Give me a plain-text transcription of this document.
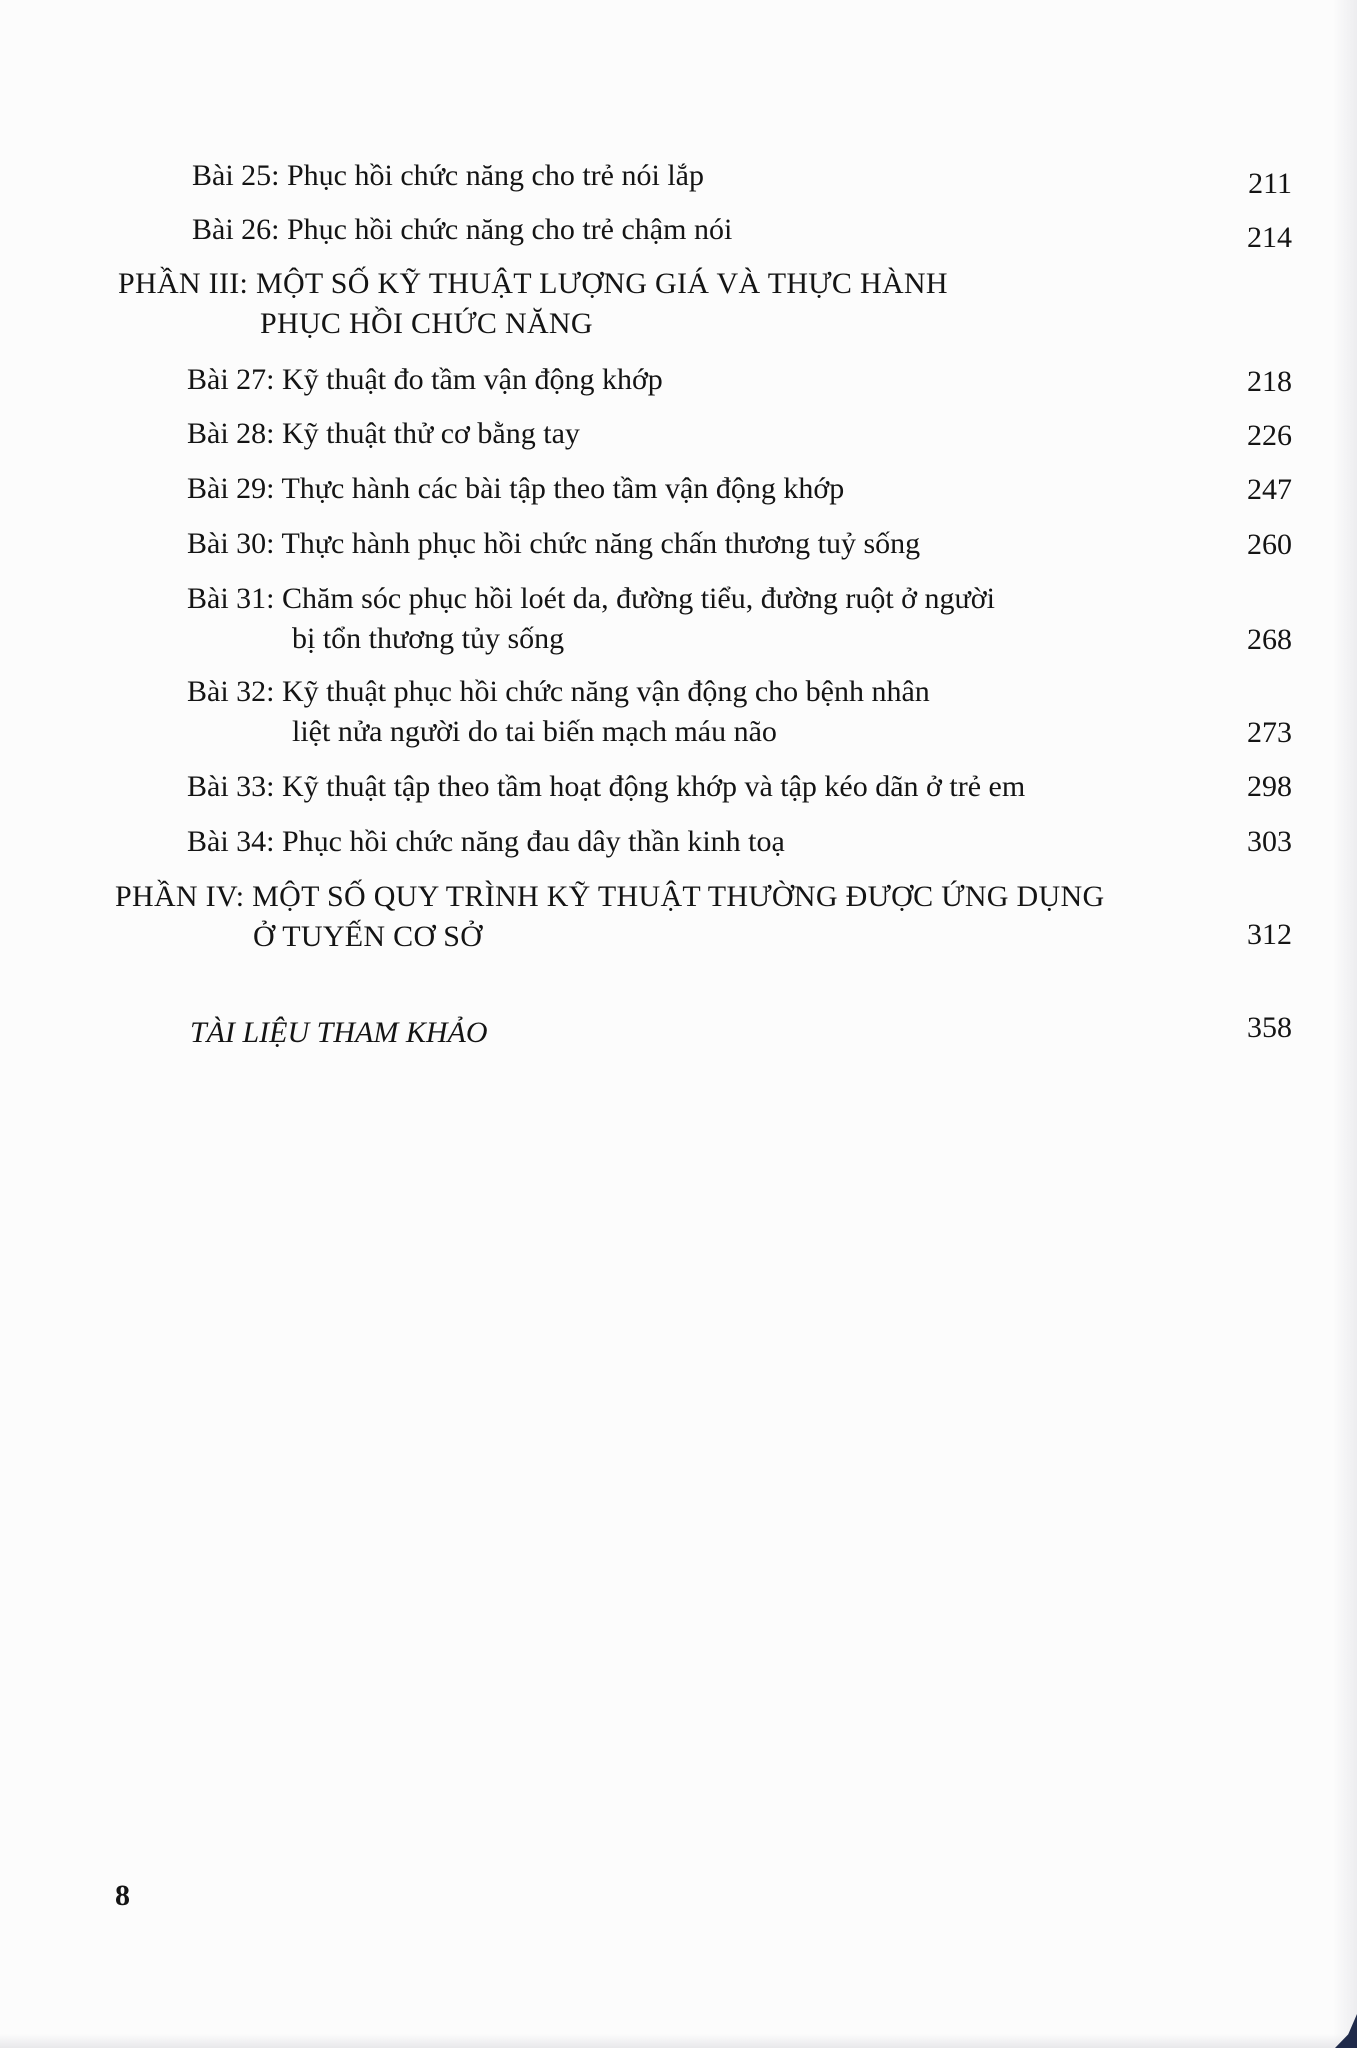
Bài 25: Phục hồi chức năng cho trẻ nói lắp	211
Bài 26: Phục hồi chức năng cho trẻ chậm nói	214
PHẦN III: MỘT SỐ KỸ THUẬT LƯỢNG GIÁ VÀ THỰC HÀNH
PHỤC HỒI CHỨC NĂNG
Bài 27: Kỹ thuật đo tầm vận động khớp	218
Bài 28: Kỹ thuật thử cơ bằng tay	226
Bài 29: Thực hành các bài tập theo tầm vận động khớp	247
Bài 30: Thực hành phục hồi chức năng chấn thương tuỷ sống	260
Bài 31: Chăm sóc phục hồi loét da, đường tiểu, đường ruột ở người
bị tổn thương tủy sống	268
Bài 32: Kỹ thuật phục hồi chức năng vận động cho bệnh nhân
liệt nửa người do tai biến mạch máu não	273
Bài 33: Kỹ thuật tập theo tầm hoạt động khớp và tập kéo dãn ở trẻ em	298
Bài 34: Phục hồi chức năng đau dây thần kinh toạ	303
PHẦN IV: MỘT SỐ QUY TRÌNH KỸ THUẬT THƯỜNG ĐƯỢC ỨNG DỤNG
Ở TUYẾN CƠ SỞ	312
TÀI LIỆU THAM KHẢO	358
8
